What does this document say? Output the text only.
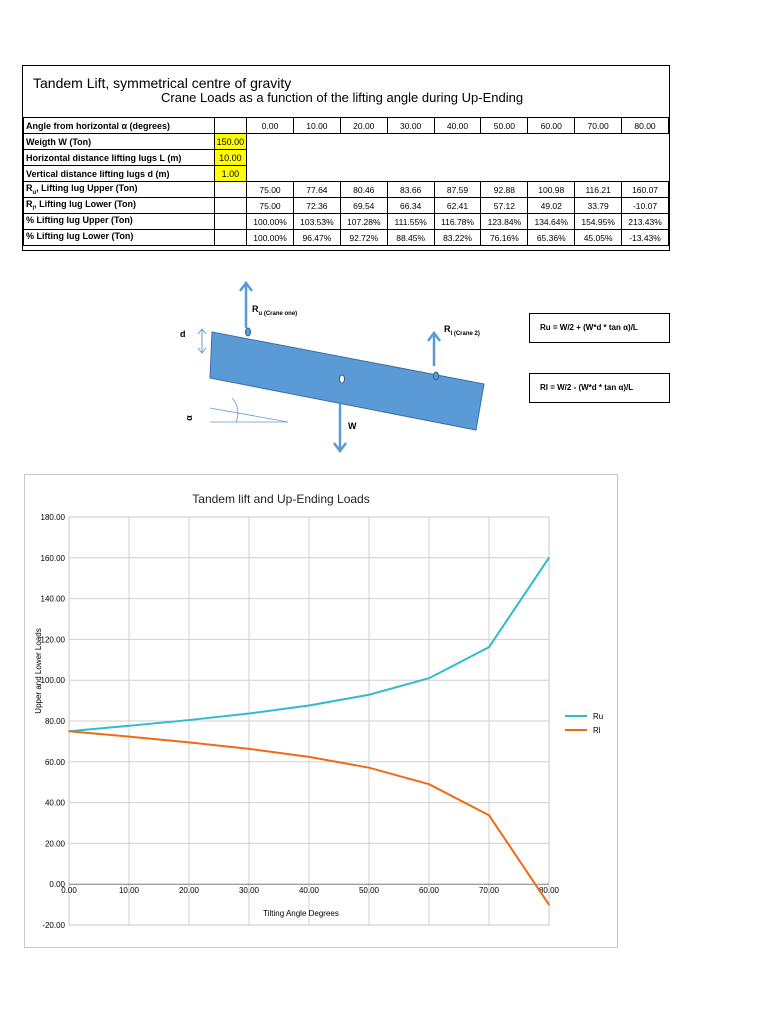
Tandem Lift, symmetrical centre of gravity
Crane Loads as a function of the lifting angle during Up-Ending
Angle from horizontal α (degrees)		0.00	10.00	20.00	30.00	40.00	50.00	60.00	70.00	80.00
Weigth W (Ton)	150.00									
Horizontal distance lifting lugs L (m)	10.00									
Vertical distance lifting lugs d (m)	1.00									
$R_u$, Lifting lug Upper (Ton)		75.00	77.64	80.46	83.66	87.59	92.88	100.98	116.21	160.07
$R_l$, Lifting lug Lower (Ton)		75.00	72.36	69.54	66.34	62.41	57.12	49.02	33.79	-10.07
% Lifting lug Upper (Ton)		100.00%	103.53%	107.28%	111.55%	116.78%	123.84%	134.64%	154.95%	213.43%
% Lifting lug Lower (Ton)		100.00%	96.47%	92.72%	88.45%	83.22%	76.16%	65.36%	45.05%	-13.43%
$R_{u (Crane one)}$
$R_{l (Crane 2)}$
d
α
W
Ru = W/2 + (W*d * tan α)/L
Rl = W/2 - (W*d * tan α)/L
-20.00
0.00
20.00
40.00
60.00
80.00
100.00
120.00
140.00
160.00
180.00
0.00	10.00	20.00	30.00	40.00	50.00	60.00	70.00	80.00
Tandem lift and Up-Ending Loads
Tilting Angle Degrees
Upper and Lower Loads
Ru
Rl
